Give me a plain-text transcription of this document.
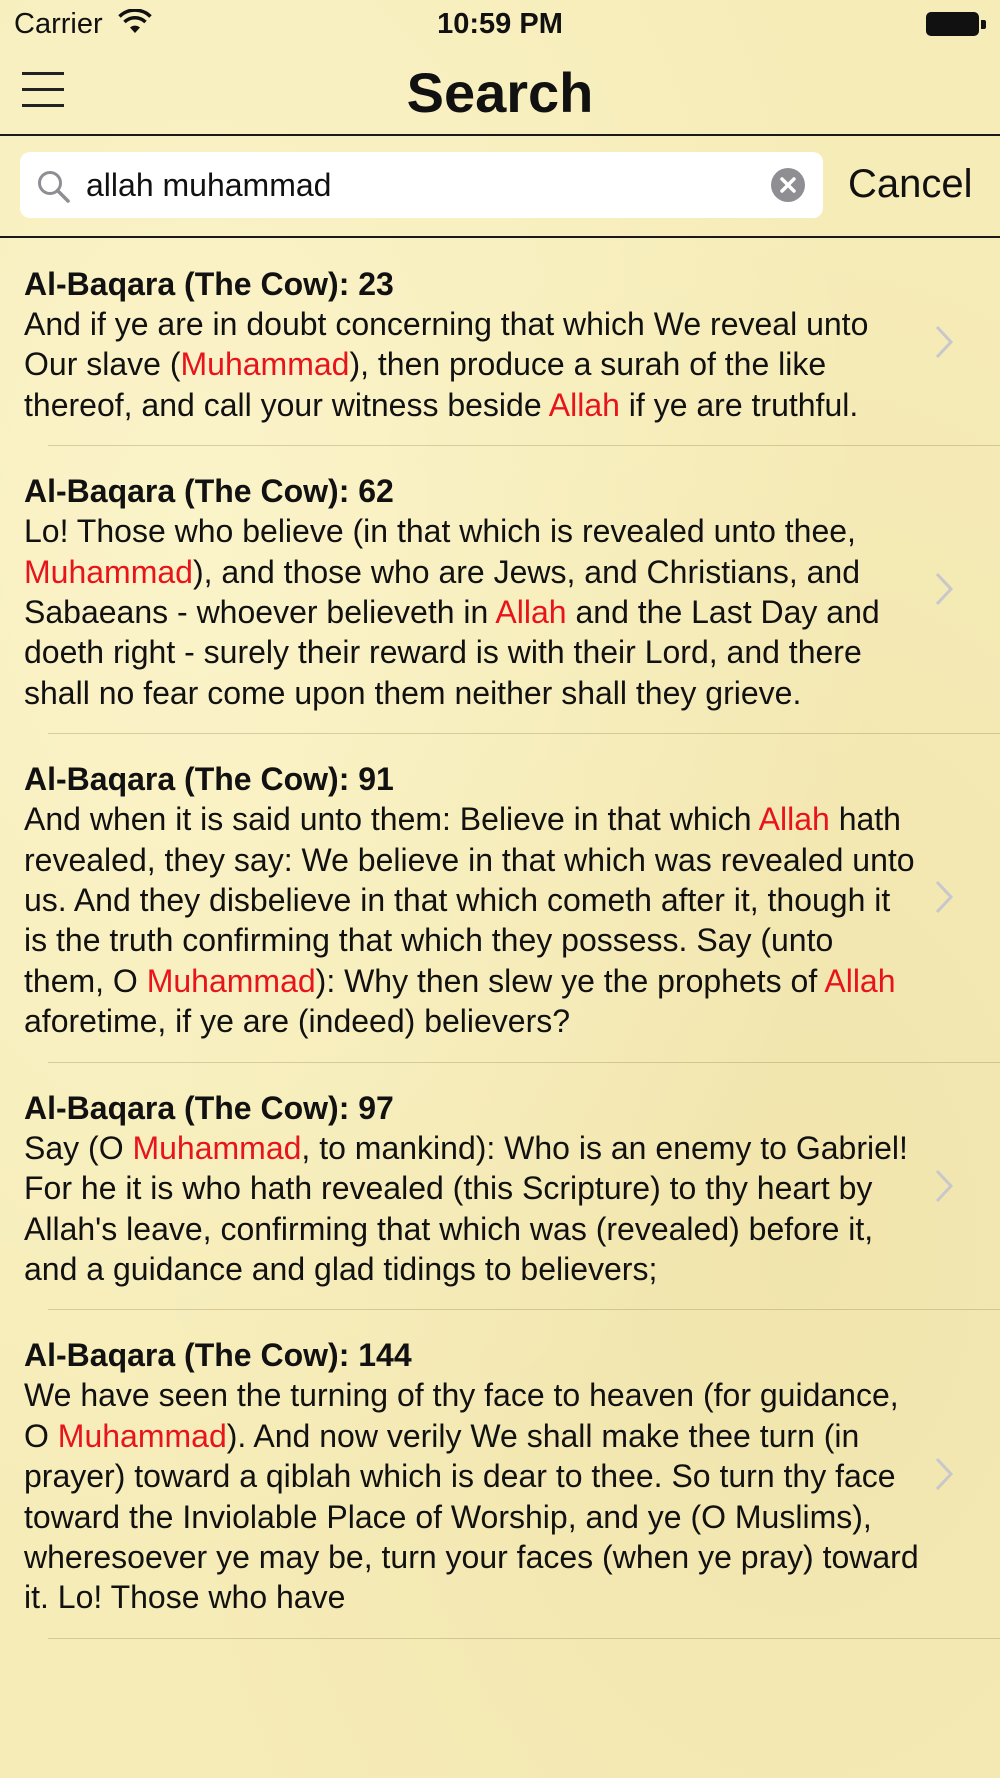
Carrier	10:59 PM
Search
allah muhammad
Cancel
Al-Baqara (The Cow): 23
And if ye are in doubt concerning that which We reveal unto Our slave (Muhammad), then produce a surah of the like thereof, and call your witness beside Allah if ye are truthful.
Al-Baqara (The Cow): 62
Lo! Those who believe (in that which is revealed unto thee, Muhammad), and those who are Jews, and Christians, and Sabaeans - whoever believeth in Allah and the Last Day and doeth right - surely their reward is with their Lord, and there shall no fear come upon them neither shall they grieve.
Al-Baqara (The Cow): 91
And when it is said unto them: Believe in that which Allah hath revealed, they say: We believe in that which was revealed unto us. And they disbelieve in that which cometh after it, though it is the truth confirming that which they possess. Say (unto them, O Muhammad): Why then slew ye the prophets of Allah aforetime, if ye are (indeed) believers?
Al-Baqara (The Cow): 97
Say (O Muhammad, to mankind): Who is an enemy to Gabriel! For he it is who hath revealed (this Scripture) to thy heart by Allah's leave, confirming that which was (revealed) before it, and a guidance and glad tidings to believers;
Al-Baqara (The Cow): 144
We have seen the turning of thy face to heaven (for guidance, O Muhammad). And now verily We shall make thee turn (in prayer) toward a qiblah which is dear to thee. So turn thy face toward the Inviolable Place of Worship, and ye (O Muslims), wheresoever ye may be, turn your faces (when ye pray) toward it. Lo! Those who have
